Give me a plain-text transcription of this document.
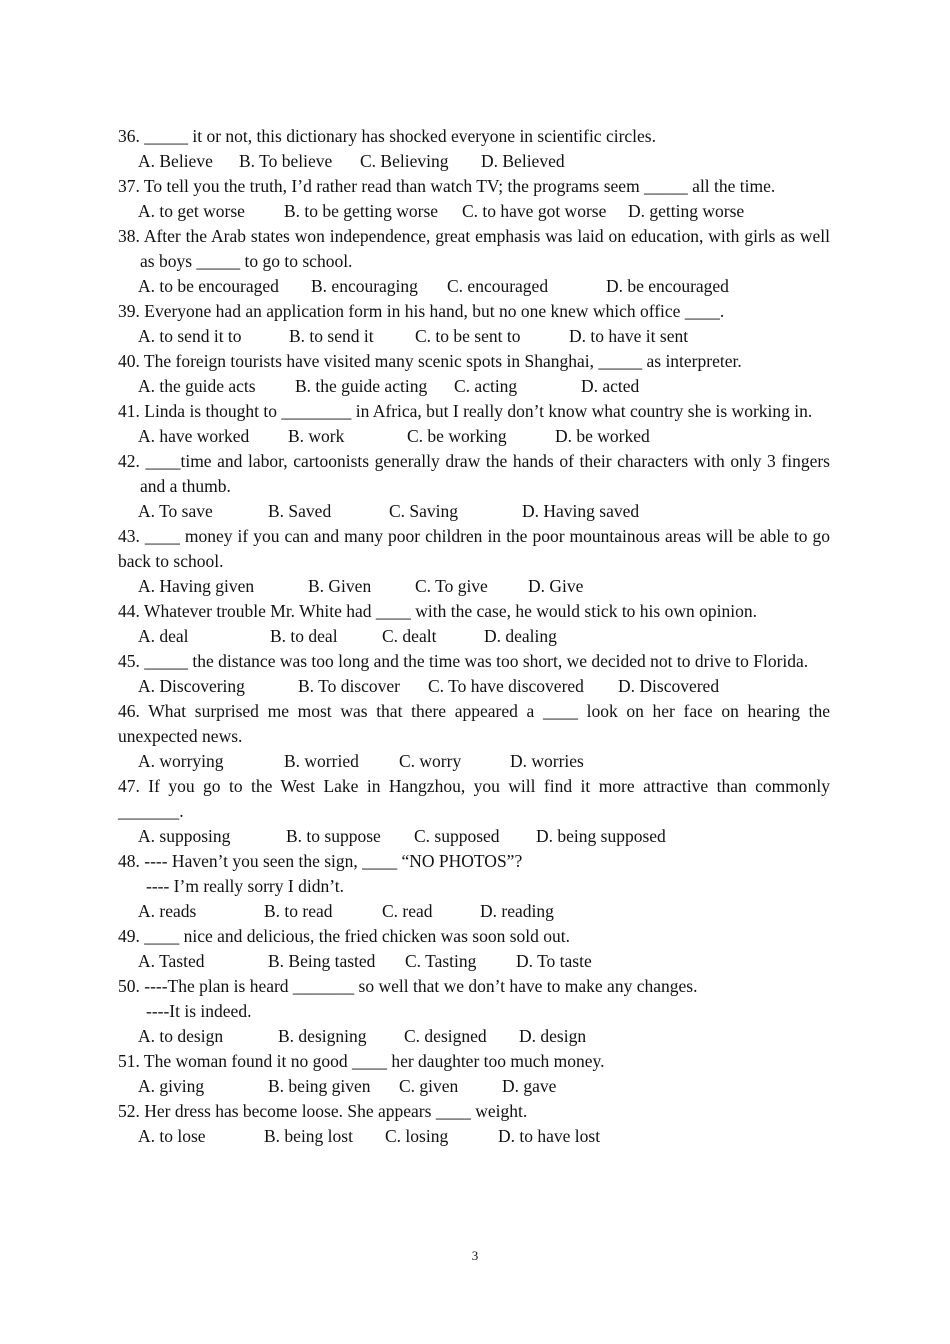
36. _____ it or not, this dictionary has shocked everyone in scientific circles.
A. Believe B. To believe C. Believing D. Believed
37. To tell you the truth, I’d rather read than watch TV; the programs seem _____ all the time.
A. to get worse B. to be getting worse C. to have got worse D. getting worse
38. After the Arab states won independence, great emphasis was laid on education, with girls as well as boys _____ to go to school.
A. to be encouraged B. encouraging C. encouraged	D. be encouraged
39. Everyone had an application form in his hand, but no one knew which office ____.
A. to send it to	B. to send it C. to be sent to	D. to have it sent
40. The foreign tourists have visited many scenic spots in Shanghai, _____ as interpreter.
A. the guide acts B. the guide acting C. acting	D. acted
41. Linda is thought to ________ in Africa, but I really don’t know what country she is working in.
A. have worked B. work	C. be working	D. be worked
42. ____time and labor, cartoonists generally draw the hands of their characters with only 3 fingers and a thumb.
A. To save	B. Saved	C. Saving	D. Having saved
43. ____ money if you can and many poor children in the poor mountainous areas will be able to go back to school.
A. Having given	B. Given	C. To give D. Give
44. Whatever trouble Mr. White had ____ with the case, he would stick to his own opinion.
A. deal	B. to deal	C. dealt	D. dealing
45. _____ the distance was too long and the time was too short, we decided not to drive to Florida.
A. Discovering	B. To discover C. To have discovered D. Discovered
46. What surprised me most was that there appeared a ____ look on her face on hearing the unexpected news.
A. worrying	B. worried C. worry	D. worries
47. If you go to the West Lake in Hangzhou, you will find it more attractive than commonly _______.
A. supposing	B. to suppose C. supposed D. being supposed
48. ---- Haven’t you seen the sign, ____ “NO PHOTOS”?
---- I’m really sorry I didn’t.
A. reads	B. to read	C. read	D. reading
49. ____ nice and delicious, the fried chicken was soon sold out.
A. Tasted	B. Being tasted C. Tasting D. To taste
50. ----The plan is heard _______ so well that we don’t have to make any changes.
----It is indeed.
A. to design	B. designing C. designed D. design
51. The woman found it no good ____ her daughter too much money.
A. giving	B. being given C. given D. gave
52. Her dress has become loose. She appears ____ weight.
A. to lose	B. being lost C. losing	D. to have lost
3
